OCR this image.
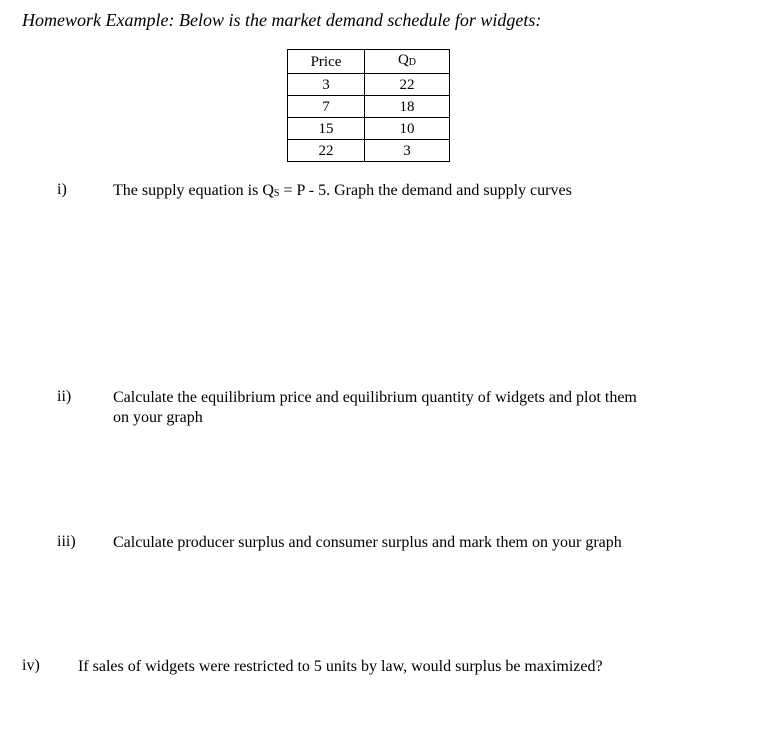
Homework Example: Below is the market demand schedule for widgets:
Price	QD
3	22
7	18
15	10
22	3
i)	The supply equation is QS = P - 5. Graph the demand and supply curves
ii)	Calculate the equilibrium price and equilibrium quantity of widgets and plot them
on your graph
iii) Calculate producer surplus and consumer surplus and mark them on your graph
iv) If sales of widgets were restricted to 5 units by law, would surplus be maximized?
